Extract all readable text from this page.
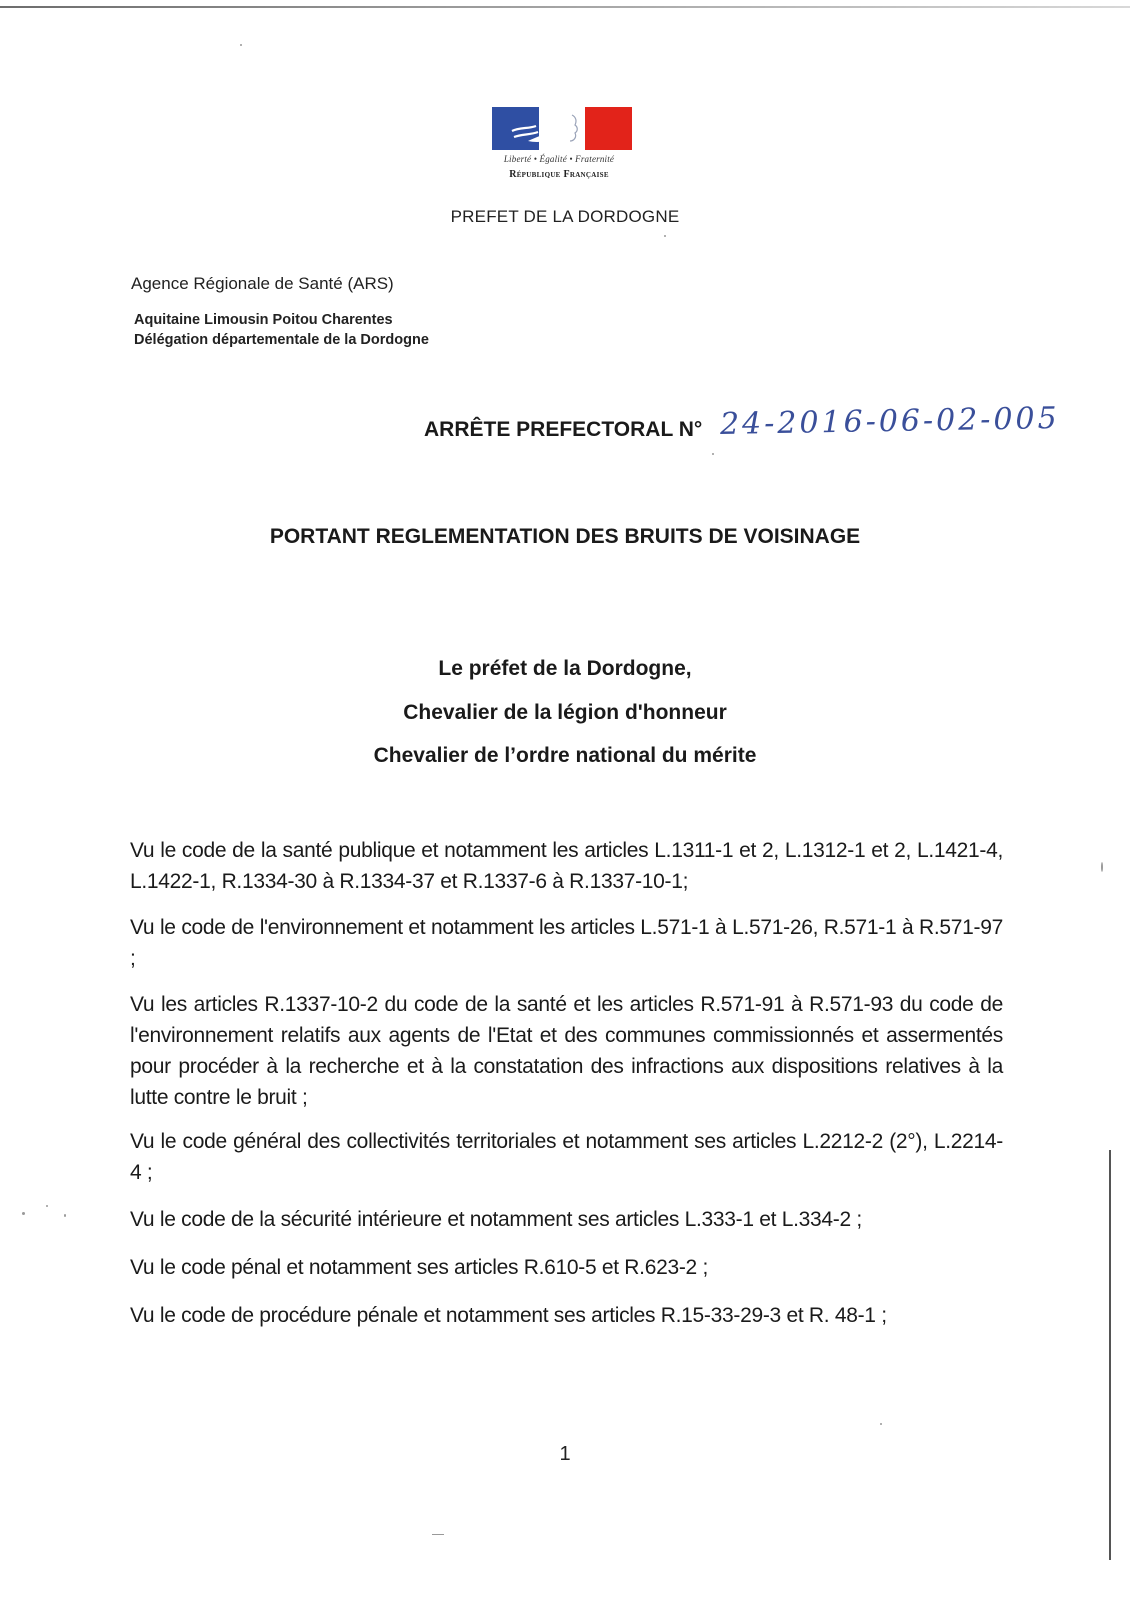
Liberté • Égalité • Fraternité
République Française
PREFET DE LA DORDOGNE
Agence Régionale de Santé (ARS)
Aquitaine Limousin Poitou Charentes
Délégation départementale de la Dordogne
ARRÊTE PREFECTORAL N° 24-2016-06-02-005
PORTANT REGLEMENTATION DES BRUITS DE VOISINAGE
Le préfet de la Dordogne,
Chevalier de la légion d'honneur
Chevalier de l’ordre national du mérite
Vu le code de la santé publique et notamment les articles L.1311-1 et 2, L.1312-1 et 2, L.1421-4, L.1422-1, R.1334-30 à R.1334-37 et R.1337-6 à R.1337-10-1;
Vu le code de l'environnement et notamment les articles L.571-1 à L.571-26, R.571-1 à R.571-97 ;
Vu les articles R.1337-10-2 du code de la santé et les articles R.571-91 à R.571-93 du code de l'environnement relatifs aux agents de l'Etat et des communes commissionnés et assermentés pour procéder à la recherche et à la constatation des infractions aux dispositions relatives à la lutte contre le bruit ;
Vu le code général des collectivités territoriales et notamment ses articles L.2212-2 (2°), L.2214-4 ;
Vu le code de la sécurité intérieure et notamment ses articles L.333-1 et L.334-2 ;
Vu le code pénal et notamment ses articles R.610-5 et R.623-2 ;
Vu le code de procédure pénale et notamment ses articles R.15-33-29-3 et R. 48-1 ;
1
